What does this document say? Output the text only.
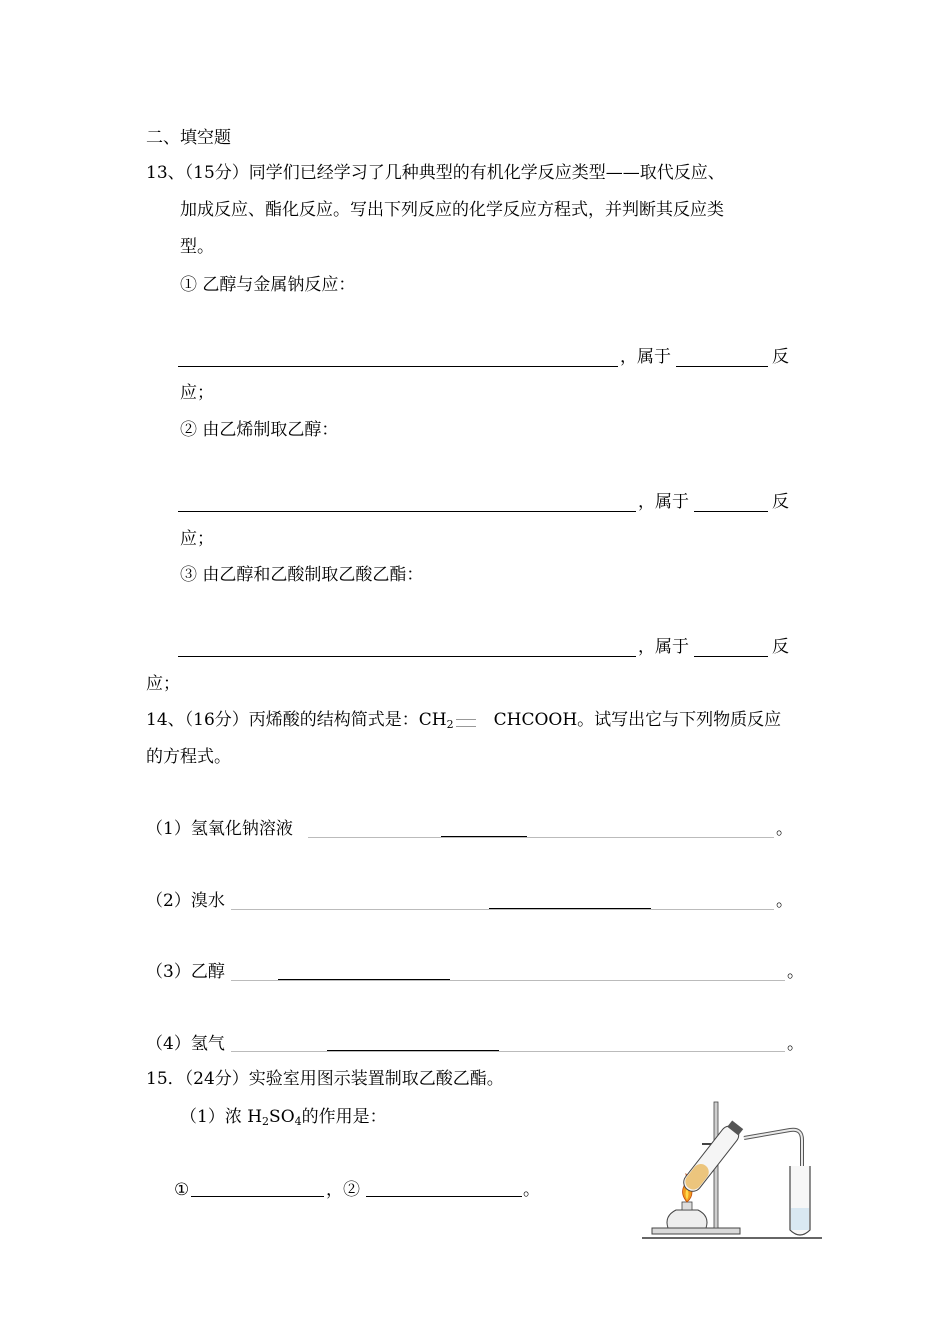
二、填空题
13、（15分）同学们已经学习了几种典型的有机化学反应类型——取代反应、
加成反应、酯化反应。写出下列反应的化学反应方程式，并判断其反应类
型。
① 乙醇与金属钠反应：
，属于	反
应；
② 由乙烯制取乙醇：
，属于	反
应；
③ 由乙醇和乙酸制取乙酸乙酯：
，属于	反
应；
14、（16分）丙烯酸的结构简式是：$CH_2$ CHCOOH。试写出它与下列物质反应
的方程式。
（1）氢氧化钠溶液	。
（2）溴水	。
（3）乙醇	。
（4）氢气	。
15．（24分）实验室用图示装置制取乙酸乙酯。
（1）浓 $H_2SO_4$的作用是：
①	，②	。
